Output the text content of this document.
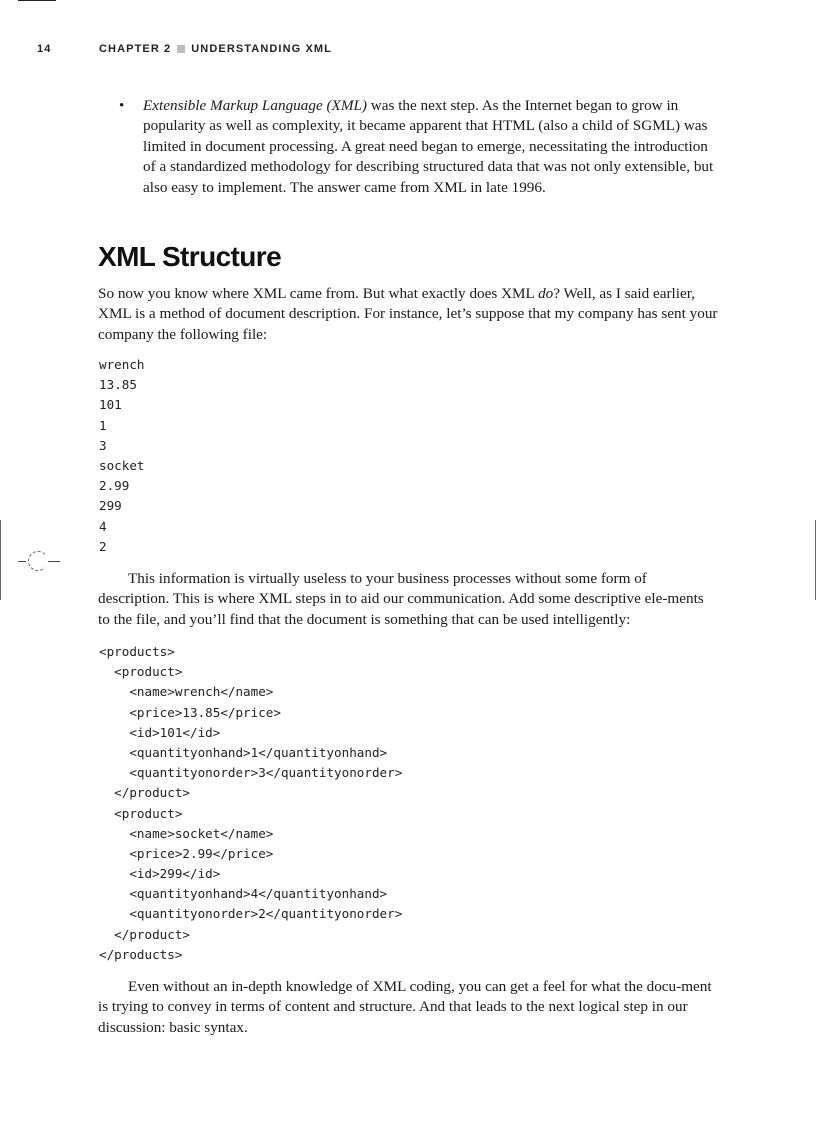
14	CHAPTER 2 UNDERSTANDING XML
• Extensible Markup Language (XML) was the next step. As the Internet began to grow in popularity as well as complexity, it became apparent that HTML (also a child of SGML) was limited in document processing. A great need began to emerge, necessitating the introduction of a standardized methodology for describing structured data that was not only extensible, but also easy to implement. The answer came from XML in late 1996.
XML Structure

So now you know where XML came from. But what exactly does XML do? Well, as I said earlier, XML is a method of document description. For instance, let’s suppose that my company has sent your company the following file:

wrench
13.85
101
1
3
socket
2.99
299
4
2

This information is virtually useless to your business processes without some form of description. This is where XML steps in to aid our communication. Add some descriptive ele-ments to the file, and you’ll find that the document is something that can be used intelligently:

<products>
<product>
<name>wrench</name>
<price>13.85</price>
<id>101</id>
<quantityonhand>1</quantityonhand>
<quantityonorder>3</quantityonorder>
</product>
<product>
<name>socket</name>
<price>2.99</price>
<id>299</id>
<quantityonhand>4</quantityonhand>
<quantityonorder>2</quantityonorder>
</product>
</products>

Even without an in-depth knowledge of XML coding, you can get a feel for what the docu-ment is trying to convey in terms of content and structure. And that leads to the next logical step in our discussion: basic syntax.
